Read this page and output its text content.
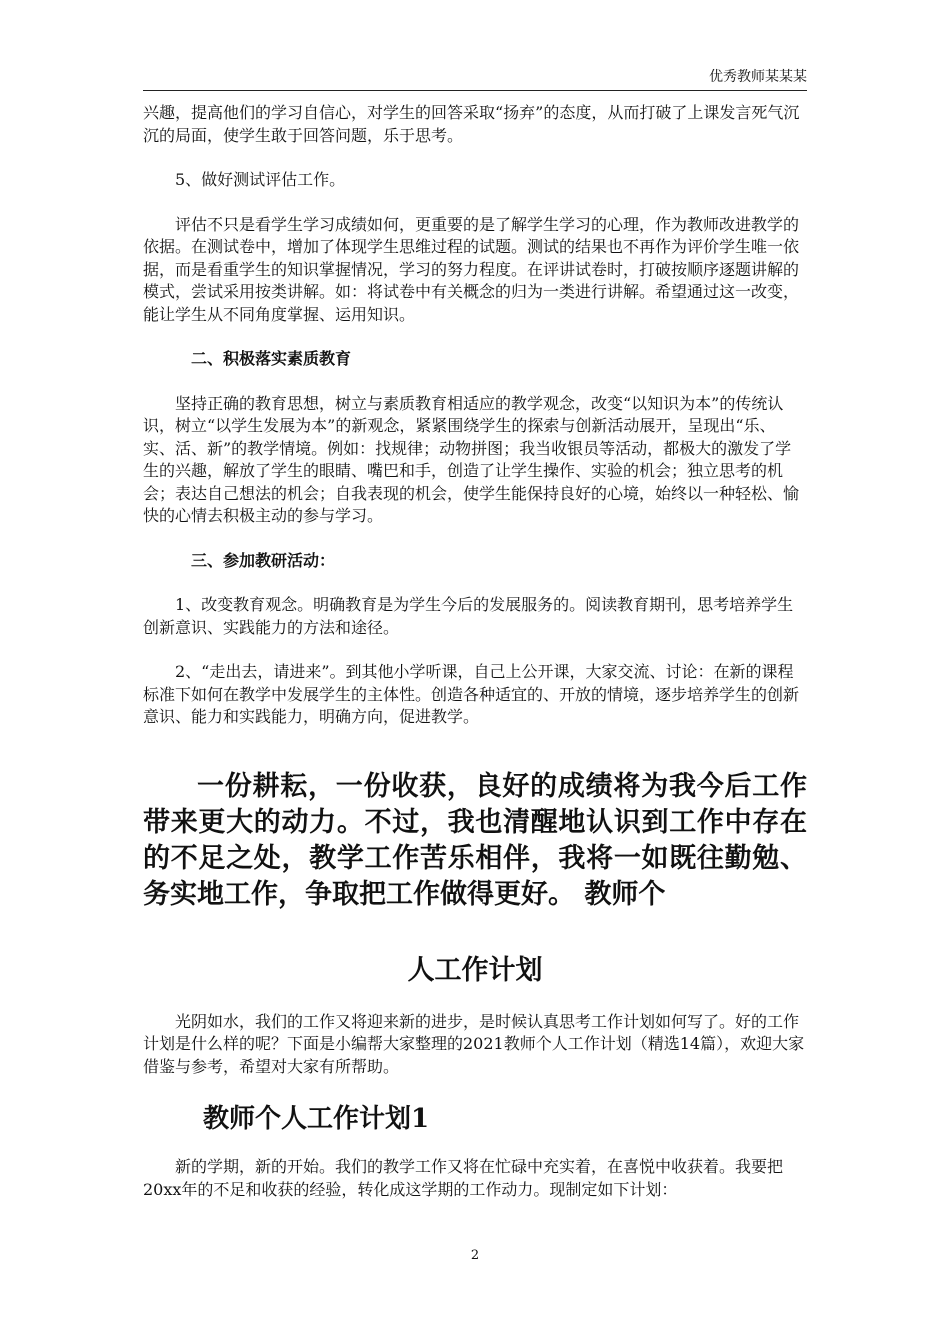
优秀教师某某某

兴趣，提高他们的学习自信心，对学生的回答采取“扬弃”的态度，从而打破了上课发言死气沉沉的局面，使学生敢于回答问题，乐于思考。

5、做好测试评估工作。

评估不只是看学生学习成绩如何，更重要的是了解学生学习的心理，作为教师改进教学的依据。在测试卷中，增加了体现学生思维过程的试题。测试的结果也不再作为评价学生唯一依据，而是看重学生的知识掌握情况，学习的努力程度。在评讲试卷时，打破按顺序逐题讲解的模式，尝试采用按类讲解。如：将试卷中有关概念的归为一类进行讲解。希望通过这一改变，能让学生从不同角度掌握、运用知识。

二、积极落实素质教育

坚持正确的教育思想，树立与素质教育相适应的教学观念，改变“以知识为本”的传统认识，树立“以学生发展为本”的新观念，紧紧围绕学生的探索与创新活动展开，呈现出“乐、实、活、新”的教学情境。例如：找规律；动物拼图；我当收银员等活动，都极大的激发了学生的兴趣，解放了学生的眼睛、嘴巴和手，创造了让学生操作、实验的机会；独立思考的机会；表达自己想法的机会；自我表现的机会，使学生能保持良好的心境，始终以一种轻松、愉快的心情去积极主动的参与学习。

三、参加教研活动：

1、改变教育观念。明确教育是为学生今后的发展服务的。阅读教育期刊，思考培养学生创新意识、实践能力的方法和途径。

2、“走出去，请进来”。到其他小学听课，自己上公开课，大家交流、讨论：在新的课程标准下如何在教学中发展学生的主体性。创造各种适宜的、开放的情境，逐步培养学生的创新意识、能力和实践能力，明确方向，促进教学。

一份耕耘，一份收获，良好的成绩将为我今后工作带来更大的动力。不过，我也清醒地认识到工作中存在的不足之处，教学工作苦乐相伴，我将一如既往勤勉、务实地工作，争取把工作做得更好。 教师个

人工作计划

光阴如水，我们的工作又将迎来新的进步，是时候认真思考工作计划如何写了。好的工作计划是什么样的呢？下面是小编帮大家整理的2021教师个人工作计划（精选14篇），欢迎大家借鉴与参考，希望对大家有所帮助。

教师个人工作计划1

新的学期，新的开始。我们的教学工作又将在忙碌中充实着，在喜悦中收获着。我要把20xx年的不足和收获的经验，转化成这学期的工作动力。现制定如下计划：

2
